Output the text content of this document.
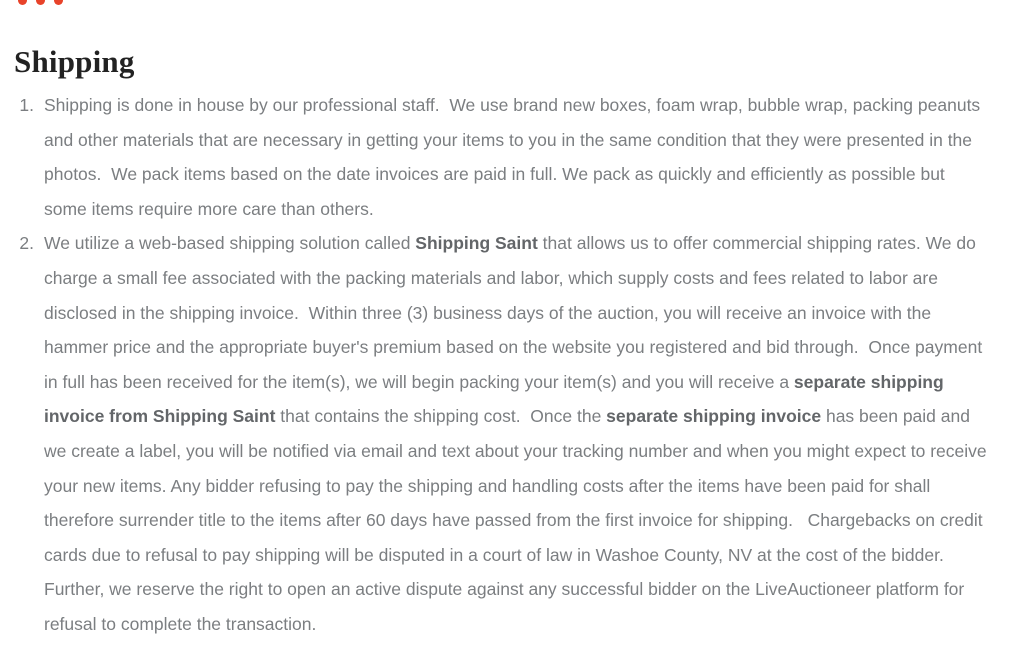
Shipping
1. Shipping is done in house by our professional staff.  We use brand new boxes, foam wrap, bubble wrap, packing peanuts and other materials that are necessary in getting your items to you in the same condition that they were presented in the photos.  We pack items based on the date invoices are paid in full. We pack as quickly and efficiently as possible but some items require more care than others.

2. We utilize a web-based shipping solution called Shipping Saint that allows us to offer commercial shipping rates. We do charge a small fee associated with the packing materials and labor, which supply costs and fees related to labor are disclosed in the shipping invoice.  Within three (3) business days of the auction, you will receive an invoice with the hammer price and the appropriate buyer's premium based on the website you registered and bid through.  Once payment in full has been received for the item(s), we will begin packing your item(s) and you will receive a separate shipping invoice from Shipping Saint that contains the shipping cost.  Once the separate shipping invoice has been paid and we create a label, you will be notified via email and text about your tracking number and when you might expect to receive your new items. Any bidder refusing to pay the shipping and handling costs after the items have been paid for shall therefore surrender title to the items after 60 days have passed from the first invoice for shipping.   Chargebacks on credit cards due to refusal to pay shipping will be disputed in a court of law in Washoe County, NV at the cost of the bidder. Further, we reserve the right to open an active dispute against any successful bidder on the LiveAuctioneer platform for refusal to complete the transaction.
